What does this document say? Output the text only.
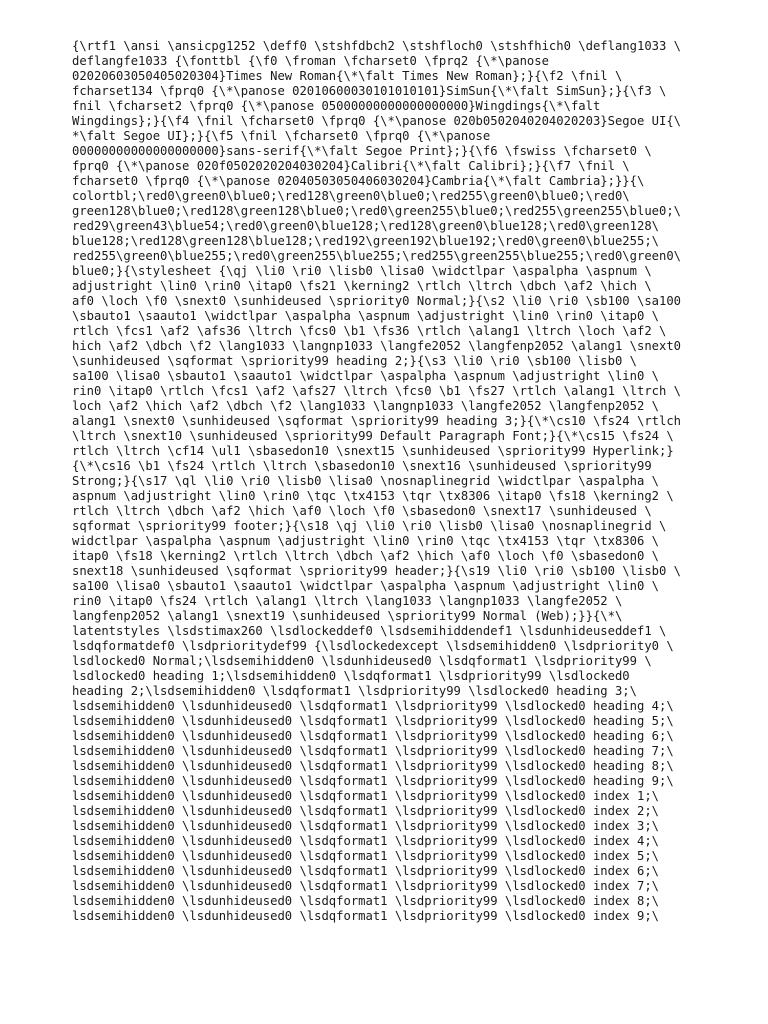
{\rtf1 \ansi \ansicpg1252 \deff0 \stshfdbch2 \stshfloch0 \stshfhich0 \deflang1033 \
deflangfe1033 {\fonttbl {\f0 \froman \fcharset0 \fprq2 {\*\panose
02020603050405020304}Times New Roman{\*\falt Times New Roman};}{\f2 \fnil \
fcharset134 \fprq0 {\*\panose 02010600030101010101}SimSun{\*\falt SimSun};}{\f3 \
fnil \fcharset2 \fprq0 {\*\panose 05000000000000000000}Wingdings{\*\falt
Wingdings};}{\f4 \fnil \fcharset0 \fprq0 {\*\panose 020b0502040204020203}Segoe UI{\
*\falt Segoe UI};}{\f5 \fnil \fcharset0 \fprq0 {\*\panose
00000000000000000000}sans-serif{\*\falt Segoe Print};}{\f6 \fswiss \fcharset0 \
fprq0 {\*\panose 020f0502020204030204}Calibri{\*\falt Calibri};}{\f7 \fnil \
fcharset0 \fprq0 {\*\panose 02040503050406030204}Cambria{\*\falt Cambria};}}{\
colortbl;\red0\green0\blue0;\red128\green0\blue0;\red255\green0\blue0;\red0\
green128\blue0;\red128\green128\blue0;\red0\green255\blue0;\red255\green255\blue0;\
red29\green43\blue54;\red0\green0\blue128;\red128\green0\blue128;\red0\green128\
blue128;\red128\green128\blue128;\red192\green192\blue192;\red0\green0\blue255;\
red255\green0\blue255;\red0\green255\blue255;\red255\green255\blue255;\red0\green0\
blue0;}{\stylesheet {\qj \li0 \ri0 \lisb0 \lisa0 \widctlpar \aspalpha \aspnum \
adjustright \lin0 \rin0 \itap0 \fs21 \kerning2 \rtlch \ltrch \dbch \af2 \hich \
af0 \loch \f0 \snext0 \sunhideused \spriority0 Normal;}{\s2 \li0 \ri0 \sb100 \sa100
\sbauto1 \saauto1 \widctlpar \aspalpha \aspnum \adjustright \lin0 \rin0 \itap0 \
rtlch \fcs1 \af2 \afs36 \ltrch \fcs0 \b1 \fs36 \rtlch \alang1 \ltrch \loch \af2 \
hich \af2 \dbch \f2 \lang1033 \langnp1033 \langfe2052 \langfenp2052 \alang1 \snext0
\sunhideused \sqformat \spriority99 heading 2;}{\s3 \li0 \ri0 \sb100 \lisb0 \
sa100 \lisa0 \sbauto1 \saauto1 \widctlpar \aspalpha \aspnum \adjustright \lin0 \
rin0 \itap0 \rtlch \fcs1 \af2 \afs27 \ltrch \fcs0 \b1 \fs27 \rtlch \alang1 \ltrch \
loch \af2 \hich \af2 \dbch \f2 \lang1033 \langnp1033 \langfe2052 \langfenp2052 \
alang1 \snext0 \sunhideused \sqformat \spriority99 heading 3;}{\*\cs10 \fs24 \rtlch
\ltrch \snext10 \sunhideused \spriority99 Default Paragraph Font;}{\*\cs15 \fs24 \
rtlch \ltrch \cf14 \ul1 \sbasedon10 \snext15 \sunhideused \spriority99 Hyperlink;}
{\*\cs16 \b1 \fs24 \rtlch \ltrch \sbasedon10 \snext16 \sunhideused \spriority99
Strong;}{\s17 \ql \li0 \ri0 \lisb0 \lisa0 \nosnaplinegrid \widctlpar \aspalpha \
aspnum \adjustright \lin0 \rin0 \tqc \tx4153 \tqr \tx8306 \itap0 \fs18 \kerning2 \
rtlch \ltrch \dbch \af2 \hich \af0 \loch \f0 \sbasedon0 \snext17 \sunhideused \
sqformat \spriority99 footer;}{\s18 \qj \li0 \ri0 \lisb0 \lisa0 \nosnaplinegrid \
widctlpar \aspalpha \aspnum \adjustright \lin0 \rin0 \tqc \tx4153 \tqr \tx8306 \
itap0 \fs18 \kerning2 \rtlch \ltrch \dbch \af2 \hich \af0 \loch \f0 \sbasedon0 \
snext18 \sunhideused \sqformat \spriority99 header;}{\s19 \li0 \ri0 \sb100 \lisb0 \
sa100 \lisa0 \sbauto1 \saauto1 \widctlpar \aspalpha \aspnum \adjustright \lin0 \
rin0 \itap0 \fs24 \rtlch \alang1 \ltrch \lang1033 \langnp1033 \langfe2052 \
langfenp2052 \alang1 \snext19 \sunhideused \spriority99 Normal (Web);}}{\*\
latentstyles \lsdstimax260 \lsdlockeddef0 \lsdsemihiddendef1 \lsdunhideuseddef1 \
lsdqformatdef0 \lsdprioritydef99 {\lsdlockedexcept \lsdsemihidden0 \lsdpriority0 \
lsdlocked0 Normal;\lsdsemihidden0 \lsdunhideused0 \lsdqformat1 \lsdpriority99 \
lsdlocked0 heading 1;\lsdsemihidden0 \lsdqformat1 \lsdpriority99 \lsdlocked0
heading 2;\lsdsemihidden0 \lsdqformat1 \lsdpriority99 \lsdlocked0 heading 3;\
lsdsemihidden0 \lsdunhideused0 \lsdqformat1 \lsdpriority99 \lsdlocked0 heading 4;\
lsdsemihidden0 \lsdunhideused0 \lsdqformat1 \lsdpriority99 \lsdlocked0 heading 5;\
lsdsemihidden0 \lsdunhideused0 \lsdqformat1 \lsdpriority99 \lsdlocked0 heading 6;\
lsdsemihidden0 \lsdunhideused0 \lsdqformat1 \lsdpriority99 \lsdlocked0 heading 7;\
lsdsemihidden0 \lsdunhideused0 \lsdqformat1 \lsdpriority99 \lsdlocked0 heading 8;\
lsdsemihidden0 \lsdunhideused0 \lsdqformat1 \lsdpriority99 \lsdlocked0 heading 9;\
lsdsemihidden0 \lsdunhideused0 \lsdqformat1 \lsdpriority99 \lsdlocked0 index 1;\
lsdsemihidden0 \lsdunhideused0 \lsdqformat1 \lsdpriority99 \lsdlocked0 index 2;\
lsdsemihidden0 \lsdunhideused0 \lsdqformat1 \lsdpriority99 \lsdlocked0 index 3;\
lsdsemihidden0 \lsdunhideused0 \lsdqformat1 \lsdpriority99 \lsdlocked0 index 4;\
lsdsemihidden0 \lsdunhideused0 \lsdqformat1 \lsdpriority99 \lsdlocked0 index 5;\
lsdsemihidden0 \lsdunhideused0 \lsdqformat1 \lsdpriority99 \lsdlocked0 index 6;\
lsdsemihidden0 \lsdunhideused0 \lsdqformat1 \lsdpriority99 \lsdlocked0 index 7;\
lsdsemihidden0 \lsdunhideused0 \lsdqformat1 \lsdpriority99 \lsdlocked0 index 8;\
lsdsemihidden0 \lsdunhideused0 \lsdqformat1 \lsdpriority99 \lsdlocked0 index 9;\
